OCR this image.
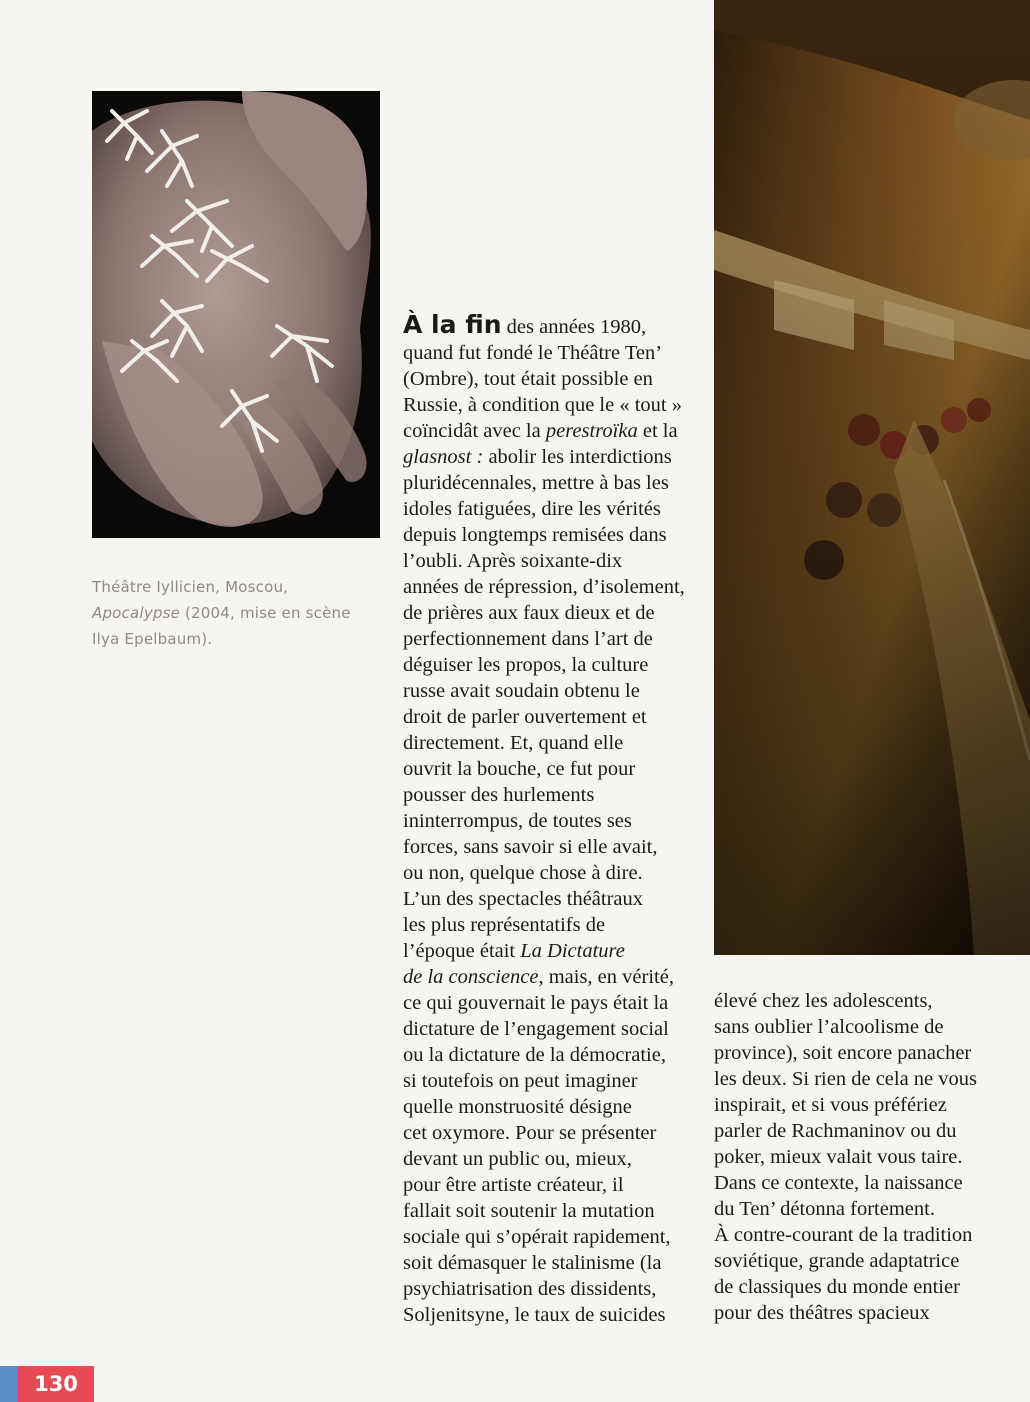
Théâtre Iyllicien, Moscou,
Apocalypse (2004, mise en scène
Ilya Epelbaum).
À la fin des années 1980,
quand fut fondé le Théâtre Ten’
(Ombre), tout était possible en
Russie, à condition que le « tout »
coïncidât avec la perestroïka et la
glasnost : abolir les interdictions
pluridécennales, mettre à bas les
idoles fatiguées, dire les vérités
depuis longtemps remisées dans
l’oubli. Après soixante-dix
années de répression, d’isolement,
de prières aux faux dieux et de
perfectionnement dans l’art de
déguiser les propos, la culture
russe avait soudain obtenu le
droit de parler ouvertement et
directement. Et, quand elle
ouvrit la bouche, ce fut pour
pousser des hurlements
ininterrompus, de toutes ses
forces, sans savoir si elle avait,
ou non, quelque chose à dire.
L’un des spectacles théâtraux
les plus représentatifs de
l’époque était La Dictature
de la conscience, mais, en vérité,
ce qui gouvernait le pays était la
dictature de l’engagement social
ou la dictature de la démocratie,
si toutefois on peut imaginer
quelle monstruosité désigne
cet oxymore. Pour se présenter
devant un public ou, mieux,
pour être artiste créateur, il
fallait soit soutenir la mutation
sociale qui s’opérait rapidement,
soit démasquer le stalinisme (la
psychiatrisation des dissidents,
Soljenitsyne, le taux de suicides
élevé chez les adolescents,
sans oublier l’alcoolisme de
province), soit encore panacher
les deux. Si rien de cela ne vous
inspirait, et si vous préfériez
parler de Rachmaninov ou du
poker, mieux valait vous taire.
Dans ce contexte, la naissance
du Ten’ détonna fortement.
À contre-courant de la tradition
soviétique, grande adaptatrice
de classiques du monde entier
pour des théâtres spacieux
130
